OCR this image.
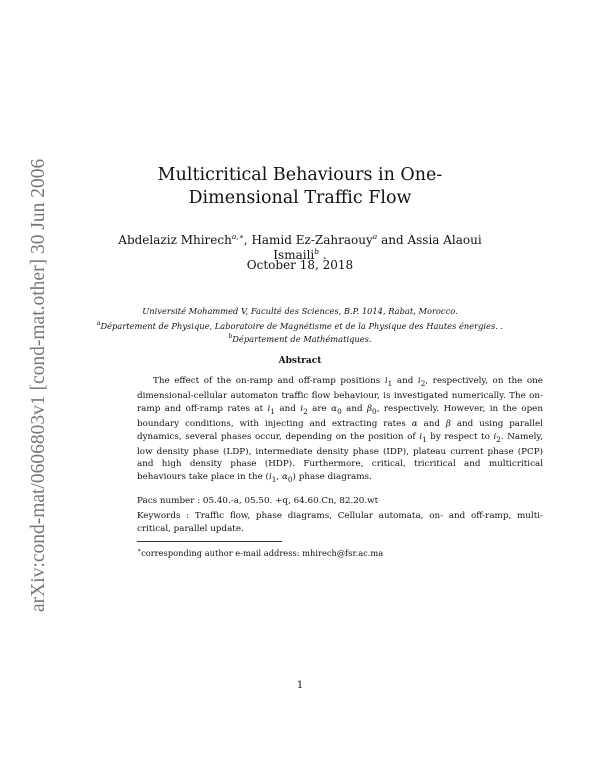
arXiv:cond-mat/0606803v1 [cond-mat.other] 30 Jun 2006	Multicritical Behaviours in One-Dimensional Traffic Flow
Abdelaziz Mhirech$^{a,∗}$, Hamid Ez-Zahraouy$^a$ and Assia Alaoui Ismaili$^b$ .
October 18, 2018
Université Mohammed V, Faculté des Sciences, B.P. 1014, Rabat, Morocco.
$^a$Département de Physique, Laboratoire de Magnétisme et de la Physique des Hautes énergies. .
$^b$Département de Mathématiques.
Abstract

The effect of the on-ramp and off-ramp positions $i_1$ and $i_2$, respectively, on the one dimensional-cellular automaton traffic flow behaviour, is investigated numerically. The on-ramp and off-ramp rates at $i_1$ and $i_2$ are $\alpha_0$ and $\beta_0$, respectively. However, in the open boundary conditions, with injecting and extracting rates α and β and using parallel dynamics, several phases occur, depending on the position of $i_1$ by respect to $i_2$. Namely, low density phase (LDP), intermediate density phase (IDP), plateau current phase (PCP) and high density phase (HDP). Furthermore, critical, tricritical and multicritical behaviours take place in the ($i_1$, $\alpha_0$) phase diagrams.

Pacs number : 05.40.-a, 05.50. +q, 64.60.Cn, 82.20.wt
Keywords : Traffic flow, phase diagrams, Cellular automata, on- and off-ramp, multi-critical, parallel update.
∗corresponding author e-mail address: mhirech@fsr.ac.ma
1
